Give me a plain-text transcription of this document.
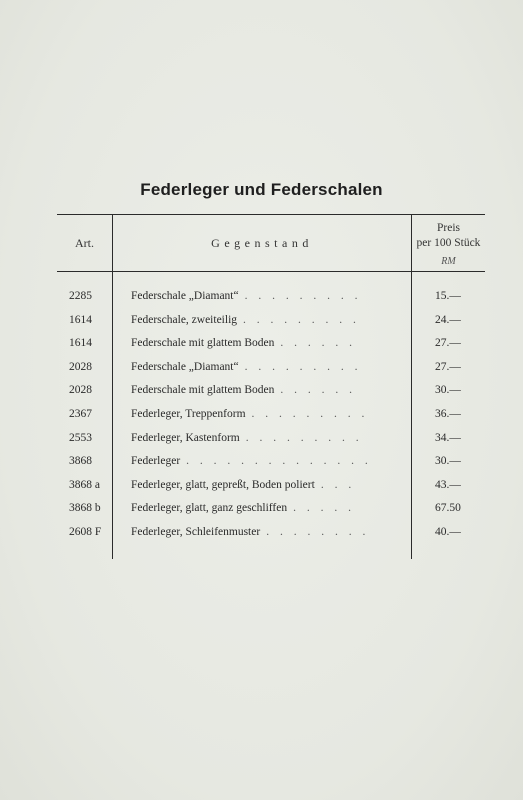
Federleger und Federschalen
Art.	Gegenstand
Preis
per 100 Stück
RM
2285	Federschale „Diamant“ . . . . . . . . .	15.—
1614	Federschale, zweiteilig . . . . . . . . .	24.—
1614	Federschale mit glattem Boden . . . . . .	27.—
2028	Federschale „Diamant“ . . . . . . . . .	27.—
2028	Federschale mit glattem Boden . . . . . .	30.—
2367	Federleger, Treppenform . . . . . . . . .	36.—
2553	Federleger, Kastenform . . . . . . . . .	34.—
3868	Federleger . . . . . . . . . . . . . .	30.—
3868 a	Federleger, glatt, gepreßt, Boden poliert . . .	43.—
3868 b	Federleger, glatt, ganz geschliffen . . . . .	67.50
2608 F	Federleger, Schleifenmuster . . . . . . . .	40.—
